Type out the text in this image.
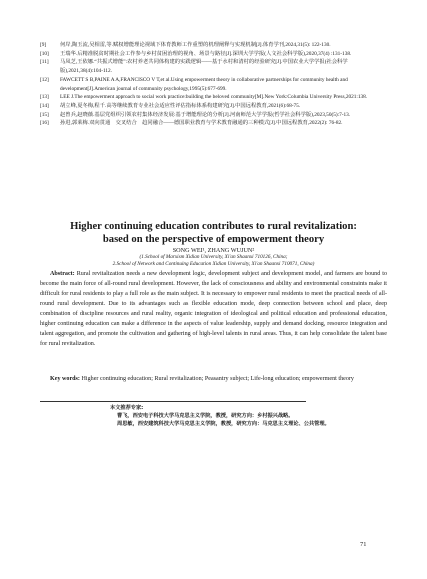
[9]	何岸,陶玉流,吴相雷,等.赋权增能理论视域下体育教师工作重塑的机理阐释与实现机制[J].体育学刊,2024,31(5): 122-130.
[10]	王瑞华.后精准脱贫时期社会工作参与乡村贫困治理的视角、场景与路径[J].深圳大学学报(人文社会科学版),2020,37(4) :131-138.
[11]	马凤芝,王依娜.“共振式增能”:农村养老共同体构建的实践逻辑——基于水村和清村的经验研究[J].中国农业大学学报(社会科学版),2021,38(4):104-112.
[12]	FAWCETT S B,PAINE A A,FRANCISCO V T,et al.Using empowerment theory in collaborative partnerships for community health and development[J].American journal of community psychology,1995(5):677-699.
[13]	LEE J.The empowerment approach to social work practice:building the beloved community[M].New York:Columbia University Press,2021:138.
[14]	胡立峰,夏冬梅,程千.高等继续教育专业社会适应性评估指标体系构建研究[J].中国远程教育,2021(6):68-75.
[15]	赵曾兵,赵晓薇.基层党组织引领农村集体经济发展:基于增能理论的分析[J].河南师范大学学报(哲学社会科学版),2023,50(5):7-13.
[16]	孙进,郭莱梅.双向贯通　交叉结合　趋同融合——德国职业教育与学术教育融通的三种模式[J].中国远程教育,2022(2): 76-82.
Higher continuing education contributes to rural revitalization:
based on the perspective of empowerment theory
SONG WEI¹, ZHANG WUJUN²
(1.School of Marxism Xidian University, Xi'an Shaanxi 710126, China;
2.School of Network and Continuing Education Xidian University, Xi'an Shaanxi 710071, China)
Abstract: Rural revitalization needs a new development logic, development subject and development model, and farmers are bound to become the main force of all-round rural development. However, the lack of consciousness and ability and environmental constraints make it difficult for rural residents to play a full role as the main subject. It is necessary to empower rural residents to meet the practical needs of all-round rural development. Due to its advantages such as flexible education mode, deep connection between school and place, deep combination of discipline resources and rural reality, organic integration of ideological and political education and professional education, higher continuing education can make a difference in the aspects of value leadership, supply and demand docking, resource integration and talent aggregation, and promote the cultivation and gathering of high-level talents in rural areas. Thus, it can help consolidate the talent base for rural revitalization.
Key words: Higher continuing education; Rural revitalization; Peasantry subject; Life-long education; empowerment theory
本文推荐专家:
曹飞，西安电子科技大学马克思主义学院，教授，研究方向：乡村振兴战略。
周思敏，西安建筑科技大学马克思主义学院，教授，研究方向：马克思主义理论、公共管理。
71
